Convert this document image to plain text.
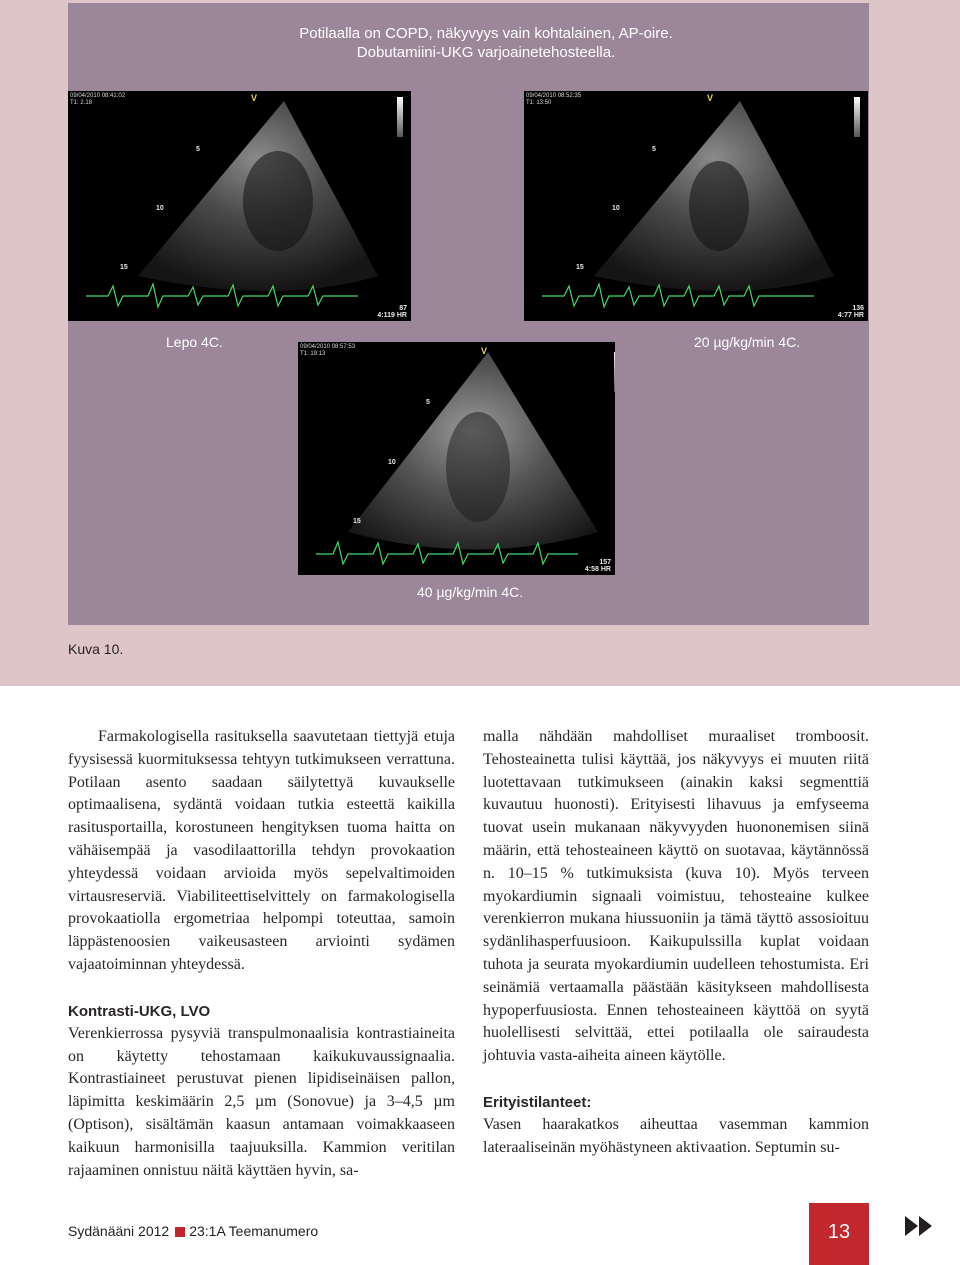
Potilaalla on COPD, näkyvyys vain kohtalainen, AP-oire.
Dobutamiini-UKG varjoainetehosteella.
09/04/2010 08:41:02
T1: 2.18	V
5
10
15
87
4:119 HR
Lepo 4C.
09/04/2010 08:52:35
T1: 13:50	V
5
10
15
136
4:77 HR
20 µg/kg/min 4C.
09/04/2010 08:57:53
T1: 19:13	V
5
10
15
157
4:58 HR
40 µg/kg/min 4C.
Kuva 10.

Farmakologisella rasituksella saavutetaan tiettyjä etuja fyysisessä kuormituksessa tehtyyn tutkimukseen verrattuna. Potilaan asento saadaan säilytettyä kuvaukselle optimaalisena, sydäntä voidaan tutkia esteettä kaikilla rasitusportailla, korostuneen hengityksen tuoma haitta on vähäisempää ja vasodilaattorilla tehdyn provokaation yhteydessä voidaan arvioida myös sepelvaltimoiden virtausreserviä. Viabiliteettiselvittely on farmakologisella provokaatiolla ergometriaa helpompi toteuttaa, samoin läppästenoosien vaikeusasteen arviointi sydämen vajaatoiminnan yhteydessä.

Kontrasti-UKG, LVO

Verenkierrossa pysyviä transpulmonaalisia kontrastiaineita on käytetty tehostamaan kaikukuvaussignaalia. Kontrastiaineet perustuvat pienen lipidiseinäisen pallon, läpimitta keskimäärin 2,5 µm (Sonovue) ja 3–4,5 µm (Optison), sisältämän kaasun antamaan voimakkaaseen kaikuun harmonisilla taajuuksilla. Kammion veritilan rajaaminen onnistuu näitä käyttäen hyvin, sa-

malla nähdään mahdolliset muraaliset tromboosit. Tehosteainetta tulisi käyttää, jos näkyvyys ei muuten riitä luotettavaan tutkimukseen (ainakin kaksi segmenttiä kuvautuu huonosti). Erityisesti lihavuus ja emfyseema tuovat usein mukanaan näkyvyyden huononemisen siinä määrin, että tehosteaineen käyttö on suotavaa, käytännössä n. 10–15 % tutkimuksista (kuva 10). Myös terveen myokardiumin signaali voimistuu, tehosteaine kulkee verenkierron mukana hiussuoniin ja tämä täyttö assosioituu sydänlihasperfuusioon. Kaikupulssilla kuplat voidaan tuhota ja seurata myokardiumin uudelleen tehostumista. Eri seinämiä vertaamalla päästään käsitykseen mahdollisesta hypoperfuusiosta. Ennen tehosteaineen käyttöä on syytä huolellisesti selvittää, ettei potilaalla ole sairaudesta johtuvia vasta-aiheita aineen käytölle.

Erityistilanteet:

Vasen haarakatkos aiheuttaa vasemman kammion lateraaliseinän myöhästyneen aktivaation. Septumin su-

Sydänääni 2012 23:1A Teemanumero	13
